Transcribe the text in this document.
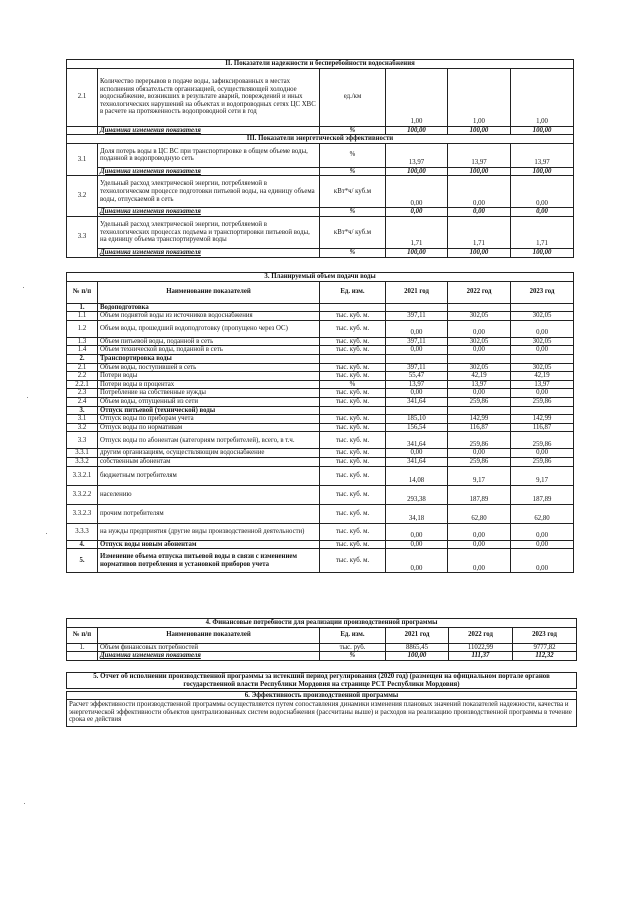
II. Показатели надежности и бесперебойности водоснабжения					
2.1	Количество перерывов в подаче воды, зафиксированных в местах исполнения обязательств организацией, осуществляющей холодное водоснабжение, возникших в результате аварий, повреждений и иных технологических нарушений на объектах и водопроводных сетях ЦС ХВС в расчете на протяженность водопроводной сети в год	ед./км	1,00	1,00	1,00
	Динамика изменения показателя	%	100,00	100,00	100,00
III. Показатели энергетической эффективности					
3.1	Доля потерь воды в ЦС ВС при транспортировке в общем объеме воды, поданной в водопроводную сеть	%	13,97	13,97	13,97
	Динамика изменения показателя	%	100,00	100,00	100,00
3.2	Удельный расход электрической энергии, потребляемой в технологическом процессе подготовки питьевой воды, на единицу объема воды, отпускаемой в сеть	кВт*ч/ куб.м	0,00	0,00	0,00
	Динамика изменения показателя	%	0,00	0,00	0,00
3.3	Удельный расход электрической энергии, потребляемой в технологических процессах подъема и транспортировки питьевой воды, на единицу объема транспортируемой воды	кВт*ч/ куб.м	1,71	1,71	1,71
	Динамика изменения показателя	%	100,00	100,00	100,00
3. Планируемый объем подачи воды					
№ п/п	Наименование показателей	Ед. изм.	2021 год	2022 год	2023 год
1.	Водоподготовка				
1.1	Объем поднятой воды из источников водоснабжения	тыс. куб. м.	397,11	302,05	302,05
1.2	Объем воды, прошедший водоподготовку (пропущено через ОС)	тыс. куб. м.	0,00	0,00	0,00
1.3	Объем питьевой воды, поданной в сеть	тыс. куб. м.	397,11	302,05	302,05
1.4	Объем технической воды, поданной в сеть	тыс. куб. м.	0,00	0,00	0,00
2.	Транспортировка воды				
2.1	Объем воды, поступившей в сеть	тыс. куб. м.	397,11	302,05	302,05
2.2	Потери воды	тыс. куб. м.	55,47	42,19	42,19
2.2.1	Потери воды в процентах	%	13,97	13,97	13,97
2.3	Потребление на собственные нужды	тыс. куб. м.	0,00	0,00	0,00
2.4	Объем воды, отпущенный из сети	тыс. куб. м.	341,64	259,86	259,86
3.	Отпуск питьевой (технической) воды				
3.1	Отпуск воды по приборам учета	тыс. куб. м.	185,10	142,99	142,99
3.2	Отпуск воды по нормативам	тыс. куб. м.	156,54	116,87	116,87
3.3	Отпуск воды по абонентам (категориям потребителей), всего, в т.ч.	тыс. куб. м.	341,64	259,86	259,86
3.3.1	другим организациям, осуществляющим водоснабжение	тыс. куб. м.	0,00	0,00	0,00
3.3.2	собственным абонентам	тыс. куб. м.	341,64	259,86	259,86
3.3.2.1	бюджетным потребителям	тыс. куб. м.	14,08	9,17	9,17
3.3.2.2	населению	тыс. куб. м.	293,38	187,89	187,89
3.3.2.3	прочим потребителям	тыс. куб. м.	34,18	62,80	62,80
3.3.3	на нужды предприятия (другие виды производственной деятельности)	тыс. куб. м.	0,00	0,00	0,00
4.	Отпуск воды новым абонентам	тыс. куб. м.	0,00	0,00	0,00
5.	Изменение объема отпуска питьевой воды в связи с изменением нормативов потребления и установкой приборов учета	тыс. куб. м.	0,00	0,00	0,00
4. Финансовые потребности для реализации производственной программы					
№ п/п	Наименование показателей	Ед. изм.	2021 год	2022 год	2023 год
1.	Объем финансовых потребностей	тыс. руб.	8865,45	11022,99	9777,82
	Динамика изменения показателя	%	100,00	111,37	112,32
5. Отчет об исполнении производственной программы за истекший период регулирования (2020 год) (размещен на официальном портале органов государственной власти Республики Мордовия на странице РСТ Республики Мордовия)
6. Эффективность производственной программы
Расчет эффективности производственной программы осуществляется путем сопоставления динамики изменения плановых значений показателей надежности, качества и энергетической эффективности объектов централизованных систем водоснабжения (рассчитаны выше) и расходов на реализацию производственной программы в течение срока ее действия
